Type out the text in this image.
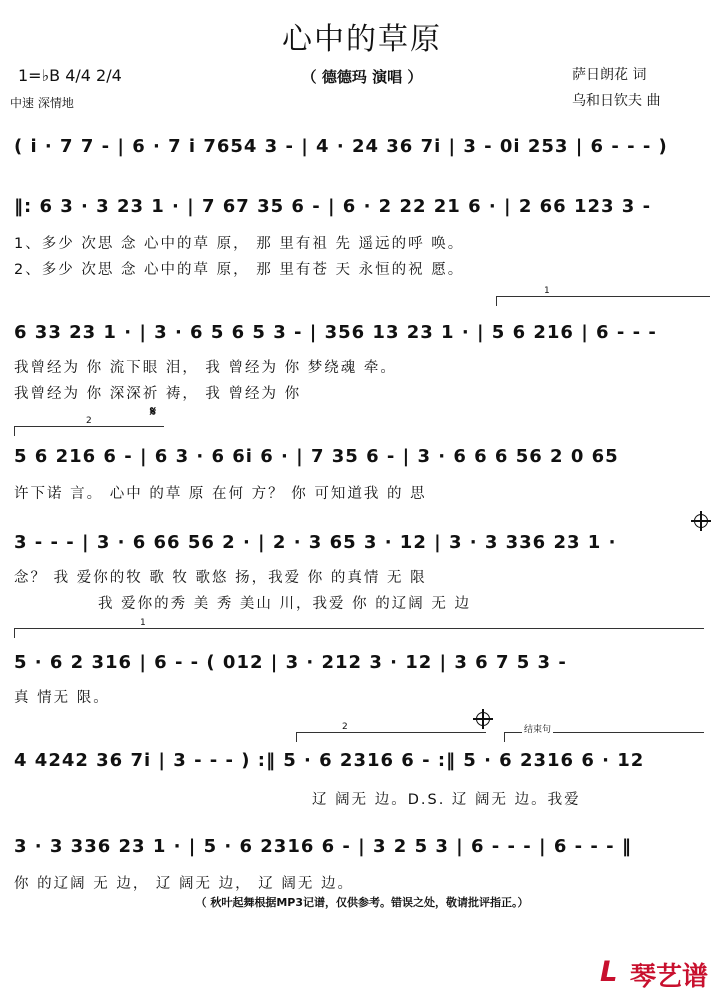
心中的草原
（ 德德玛 演唱 ）
1=♭B 4/4 2/4
中速 深情地
萨日朗花 词
乌和日钦夫 曲
( i · 7 7 - | 6 · 7 i 7654 3 - | 4 · 24 36 7i | 3 - 0i 253 | 6 - - - )
‖: 6 3 · 3 23 1 · | 7 67 35 6 - | 6 · 2 22 21 6 · | 2 66 123 3 -
1、多少 次思 念 心中的草 原， 那 里有祖 先 遥远的呼 唤。
2、多少 次思 念 心中的草 原， 那 里有苍 天 永恒的祝 愿。
1
6 33 23 1 · | 3 · 6 5 6 5 3 - | 356 13 23 1 · | 5 6 216 | 6 - - -
我曾经为 你 流下眼 泪， 我 曾经为 你 梦绕魂 牵。
我曾经为 你 深深祈 祷， 我 曾经为 你
2
𝄋
5 6 216 6 - | 6 3 · 6 6i 6 · | 7 35 6 - | 3 · 6 6 6 56 2 0 65
许下诺 言。 心中 的草 原 在何 方？ 你 可知道我 的 思
3 - - - | 3 · 6 66 56 2 · | 2 · 3 65 3 · 12 | 3 · 3 336 23 1 ·
念？ 我 爱你的牧 歌 牧 歌悠 扬，我爱 你 的真情 无 限
我 爱你的秀 美 秀 美山 川，我爱 你 的辽阔 无 边
1
5 · 6 2 316 | 6 - - ( 012 | 3 · 212 3 · 12 | 3 6 7 5 3 -
真 情无 限。
2	结束句
4 4242 36 7i | 3 - - - ) :‖ 5 · 6 2316 6 - :‖ 5 · 6 2316 6 · 12
辽 阔无 边。D.S. 辽 阔无 边。我爱
3 · 3 336 23 1 · | 5 · 6 2316 6 - | 3 2 5 3 | 6 - - - | 6 - - - ‖
你 的辽阔 无 边， 辽 阔无 边， 辽 阔无 边。
（ 秋叶起舞根据MP3记谱，仅供参考。错误之处，敬请批评指正。）
ᒪ 琴艺谱
